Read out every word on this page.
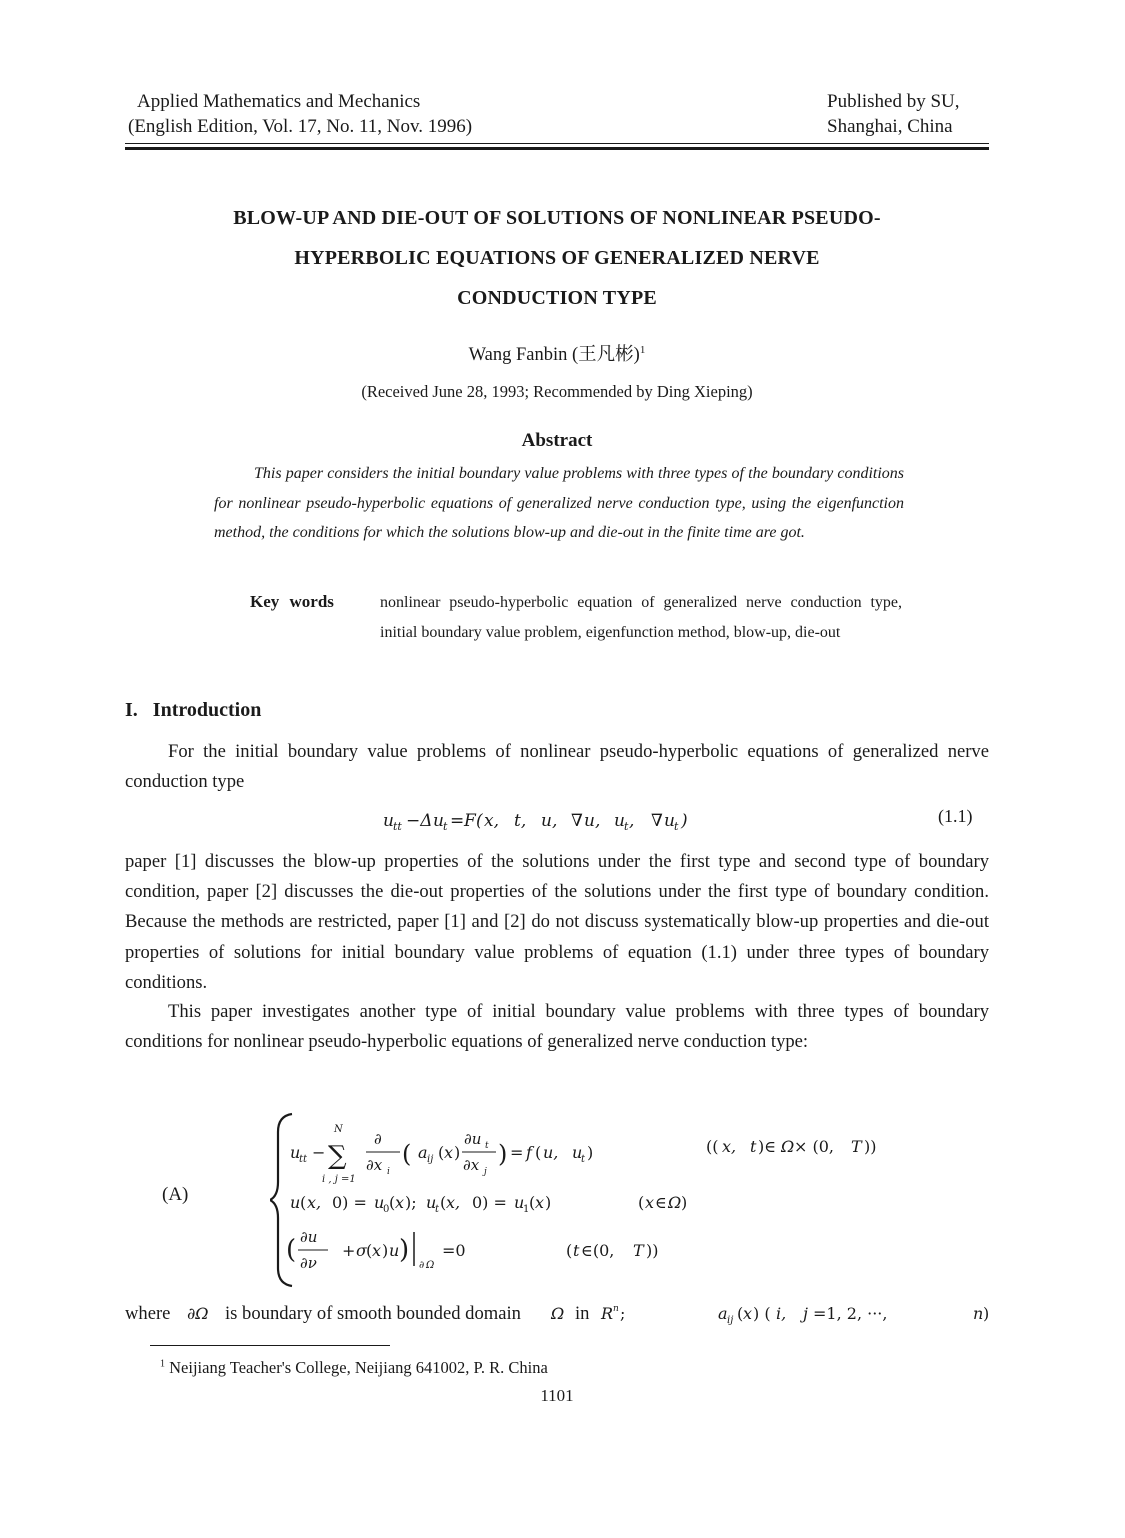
Applied Mathematics and Mechanics
(English Edition, Vol. 17, No. 11, Nov. 1996)
Published by SU,
Shanghai, China
BLOW-UP AND DIE-OUT OF SOLUTIONS OF NONLINEAR PSEUDO-
HYPERBOLIC EQUATIONS OF GENERALIZED NERVE
CONDUCTION TYPE
Wang Fanbin (王凡彬)$^1$
(Received June 28, 1993; Recommended by Ding Xieping)
Abstract
This paper considers the initial boundary value problems with three types of the boundary conditions for nonlinear pseudo-hyperbolic equations of generalized nerve conduction type, using the eigenfunction method, the conditions for which the solutions blow-up and die-out in the finite time are got.
Key words	nonlinear pseudo-hyperbolic equation of generalized nerve conduction type, initial boundary value problem, eigenfunction method, blow-up, die-out
I.   Introduction
For the initial boundary value problems of nonlinear pseudo-hyperbolic equations of generalized nerve conduction type
u tt −Δ u t = F ( x, t, u, ∇ u, u t , ∇ u t )	(1.1)
paper [1] discusses the blow-up properties of the solutions under the first type and second type of boundary condition, paper [2] discusses the die-out properties of the solutions under the first type of boundary condition. Because the methods are restricted, paper [1] and [2] do not discuss systematically blow-up properties and die-out properties of solutions for initial boundary value problems of equation (1.1) under three types of boundary conditions.
This paper investigates another type of initial boundary value problems with three types of boundary conditions for nonlinear pseudo-hyperbolic equations of generalized nerve conduction type:
(A)
u
tt −
N
∑
i , j =1
∂
∂x i
( a ij ( x )
∂u t
∂x j
) = f ( u, u
t )	(( x, t )∈ Ω × (0, T ))
u ( x, 0) = u
0 ( x ); u
t ( x, 0) = u
1 ( x )	( x ∈ Ω )
( ∂u
∂ν
+ σ ( x ) u )
∂ Ω
=0	( t ∈(0, T ))
where ∂Ω is boundary of smooth bounded domain Ω in R n ;	a ij ( x ) ( i, j =1, 2, ···,	n )
$^1$ Neijiang Teacher's College, Neijiang 641002, P. R. China
1101
